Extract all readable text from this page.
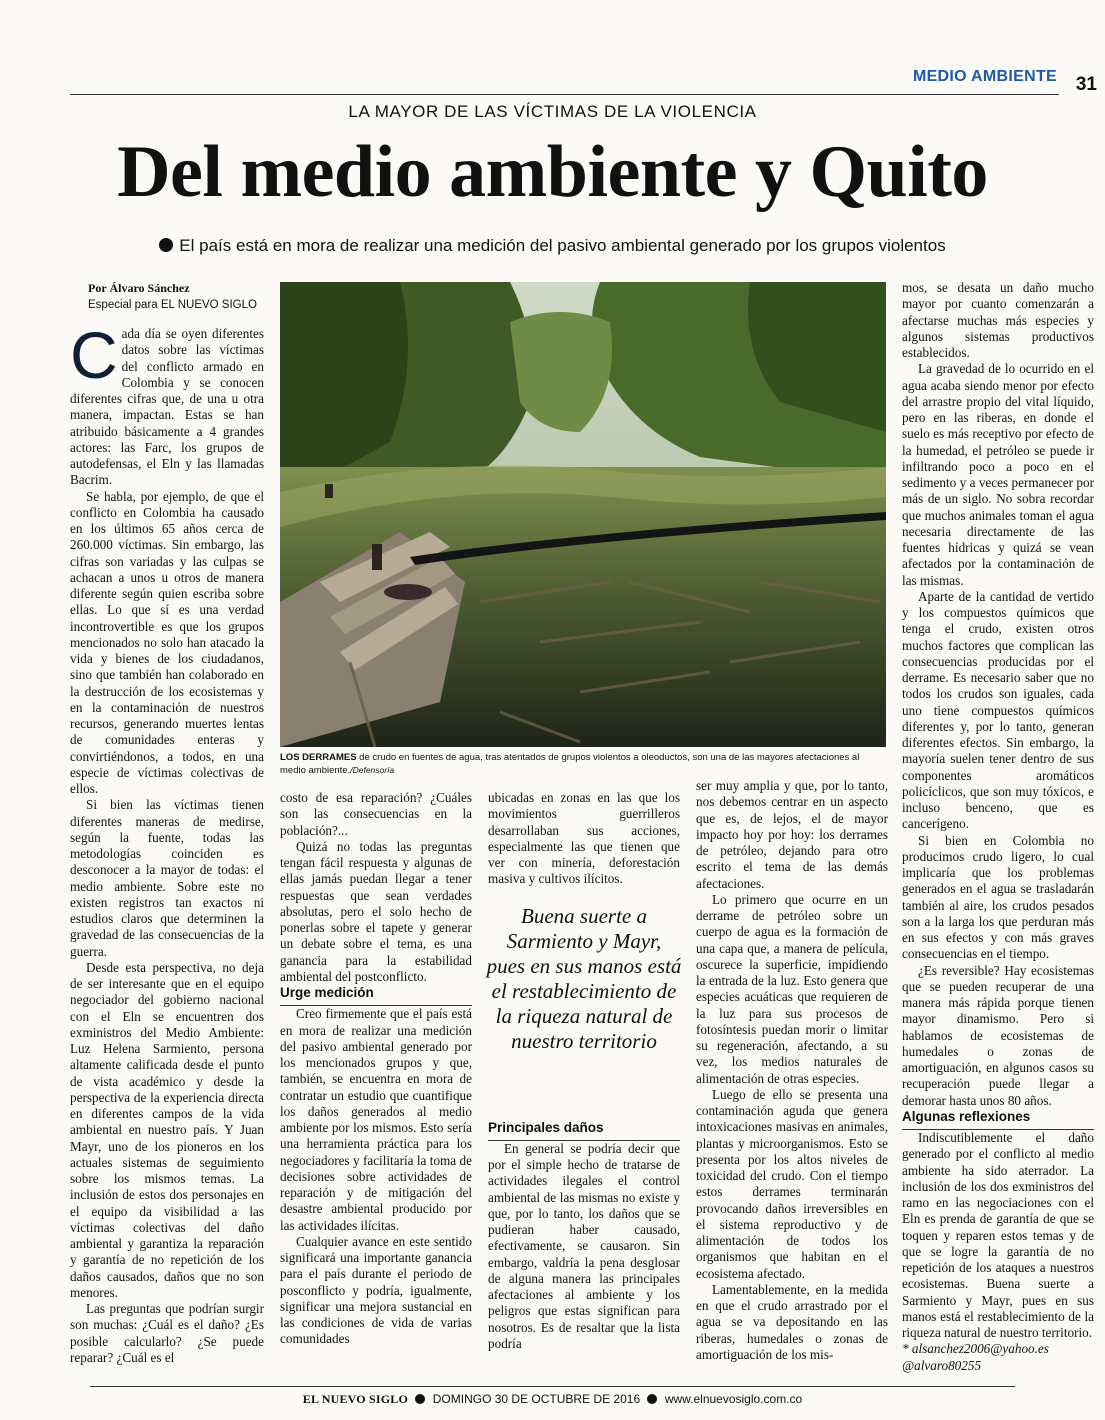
MEDIO AMBIENTE 31
LA MAYOR DE LAS VÍCTIMAS DE LA VIOLENCIA
Del medio ambiente y Quito
El país está en mora de realizar una medición del pasivo ambiental generado por los grupos violentos
Por Álvaro Sánchez
Especial para EL NUEVO SIGLO
LOS DERRAMES de crudo en fuentes de agua, tras atentados de grupos violentos a oleoductos, son una de las mayores afectaciones al medio ambiente./Defensoría

Cada día se oyen diferentes datos sobre las víctimas del conflicto armado en Colombia y se conocen diferentes cifras que, de una u otra manera, impactan. Estas se han atribuido básicamente a 4 grandes actores: las Farc, los grupos de autodefensas, el Eln y las llamadas Bacrim.

Se habla, por ejemplo, de que el conflicto en Colombia ha causado en los últimos 65 años cerca de 260.000 víctimas. Sin embargo, las cifras son variadas y las culpas se achacan a unos u otros de manera diferente según quien escriba sobre ellas. Lo que sí es una verdad incontrovertible es que los grupos mencionados no solo han atacado la vida y bienes de los ciudadanos, sino que también han colaborado en la destrucción de los ecosistemas y en la contaminación de nuestros recursos, generando muertes lentas de comunidades enteras y convirtiéndonos, a todos, en una especie de víctimas colectivas de ellos.

Si bien las víctimas tienen diferentes maneras de medirse, según la fuente, todas las metodologías coinciden es desconocer a la mayor de todas: el medio ambiente. Sobre este no existen registros tan exactos ni estudios claros que determinen la gravedad de las consecuencias de la guerra.

Desde esta perspectiva, no deja de ser interesante que en el equipo negociador del gobierno nacional con el Eln se encuentren dos exministros del Medio Ambiente: Luz Helena Sarmiento, persona altamente calificada desde el punto de vista académico y desde la perspectiva de la experiencia directa en diferentes campos de la vida ambiental en nuestro país. Y Juan Mayr, uno de los pioneros en los actuales sistemas de seguimiento sobre los mismos temas. La inclusión de estos dos personajes en el equipo da visibilidad a las víctimas colectivas del daño ambiental y garantiza la reparación y garantía de no repetición de los daños causados, daños que no son menores.

Las preguntas que podrían surgir son muchas: ¿Cuál es el daño? ¿Es posible calcularlo? ¿Se puede reparar? ¿Cuál es el

costo de esa reparación? ¿Cuáles son las consecuencias en la población?...

Quizá no todas las preguntas tengan fácil respuesta y algunas de ellas jamás puedan llegar a tener respuestas que sean verdades absolutas, pero el solo hecho de ponerlas sobre el tapete y generar un debate sobre el tema, es una ganancia para la estabilidad ambiental del postconflicto.

Urge medición

Creo firmemente que el país está en mora de realizar una medición del pasivo ambiental generado por los mencionados grupos y que, también, se encuentra en mora de contratar un estudio que cuantifique los daños generados al medio ambiente por los mismos. Esto sería una herramienta práctica para los negociadores y facilitaría la toma de decisiones sobre actividades de reparación y de mitigación del desastre ambiental producido por las actividades ilícitas.

Cualquier avance en este sentido significará una importante ganancia para el país durante el periodo de posconflicto y podría, igualmente, significar una mejora sustancial en las condiciones de vida de varias comunidades

ubicadas en zonas en las que los movimientos guerrilleros desarrollaban sus acciones, especialmente las que tienen que ver con minería, deforestación masiva y cultivos ilícitos.

Principales daños

En general se podría decir que por el simple hecho de tratarse de actividades ilegales el control ambiental de las mismas no existe y que, por lo tanto, los daños que se pudieran haber causado, efectivamente, se causaron. Sin embargo, valdría la pena desglosar de alguna manera las principales afectaciones al ambiente y los peligros que estas significan para nosotros. Es de resaltar que la lista podría

Buena suerte a Sarmiento y Mayr, pues en sus manos está el restablecimiento de la riqueza natural de nuestro territorio

ser muy amplia y que, por lo tanto, nos debemos centrar en un aspecto que es, de lejos, el de mayor impacto hoy por hoy: los derrames de petróleo, dejando para otro escrito el tema de las demás afectaciones.

Lo primero que ocurre en un derrame de petróleo sobre un cuerpo de agua es la formación de una capa que, a manera de película, oscurece la superficie, impidiendo la entrada de la luz. Esto genera que especies acuáticas que requieren de la luz para sus procesos de fotosíntesis puedan morir o limitar su regeneración, afectando, a su vez, los medios naturales de alimentación de otras especies.

Luego de ello se presenta una contaminación aguda que genera intoxicaciones masivas en animales, plantas y microorganismos. Esto se presenta por los altos niveles de toxicidad del crudo. Con el tiempo estos derrames terminarán provocando daños irreversibles en el sistema reproductivo y de alimentación de todos los organismos que habitan en el ecosistema afectado.

Lamentablemente, en la medida en que el crudo arrastrado por el agua se va depositando en las riberas, humedales o zonas de amortiguación de los mis-

mos, se desata un daño mucho mayor por cuanto comenzarán a afectarse muchas más especies y algunos sistemas productivos establecidos.

La gravedad de lo ocurrido en el agua acaba siendo menor por efecto del arrastre propio del vital líquido, pero en las riberas, en donde el suelo es más receptivo por efecto de la humedad, el petróleo se puede ir infiltrando poco a poco en el sedimento y a veces permanecer por más de un siglo. No sobra recordar que muchos animales toman el agua necesaria directamente de las fuentes hídricas y quizá se vean afectados por la contaminación de las mismas.

Aparte de la cantidad de vertido y los compuestos químicos que tenga el crudo, existen otros muchos factores que complican las consecuencias producidas por el derrame. Es necesario saber que no todos los crudos son iguales, cada uno tiene compuestos químicos diferentes y, por lo tanto, generan diferentes efectos. Sin embargo, la mayoría suelen tener dentro de sus componentes aromáticos policíclicos, que son muy tóxicos, e incluso benceno, que es cancerígeno.

Si bien en Colombia no producimos crudo ligero, lo cual implicaría que los problemas generados en el agua se trasladarán también al aire, los crudos pesados son a la larga los que perduran más en sus efectos y con más graves consecuencias en el tiempo.

¿Es reversible? Hay ecosistemas que se pueden recuperar de una manera más rápida porque tienen mayor dinamismo. Pero si hablamos de ecosistemas de humedales o zonas de amortiguación, en algunos casos su recuperación puede llegar a demorar hasta unos 80 años.

Algunas reflexiones

Indiscutiblemente el daño generado por el conflicto al medio ambiente ha sido aterrador. La inclusión de los dos exministros del ramo en las negociaciones con el Eln es prenda de garantía de que se toquen y reparen estos temas y de que se logre la garantía de no repetición de los ataques a nuestros ecosistemas. Buena suerte a Sarmiento y Mayr, pues en sus manos está el restablecimiento de la riqueza natural de nuestro territorio.

* alsanchez2006@yahoo.es

@alvaro80255

EL NUEVO SIGLO DOMINGO 30 DE OCTUBRE DE 2016 www.elnuevosiglo.com.co
